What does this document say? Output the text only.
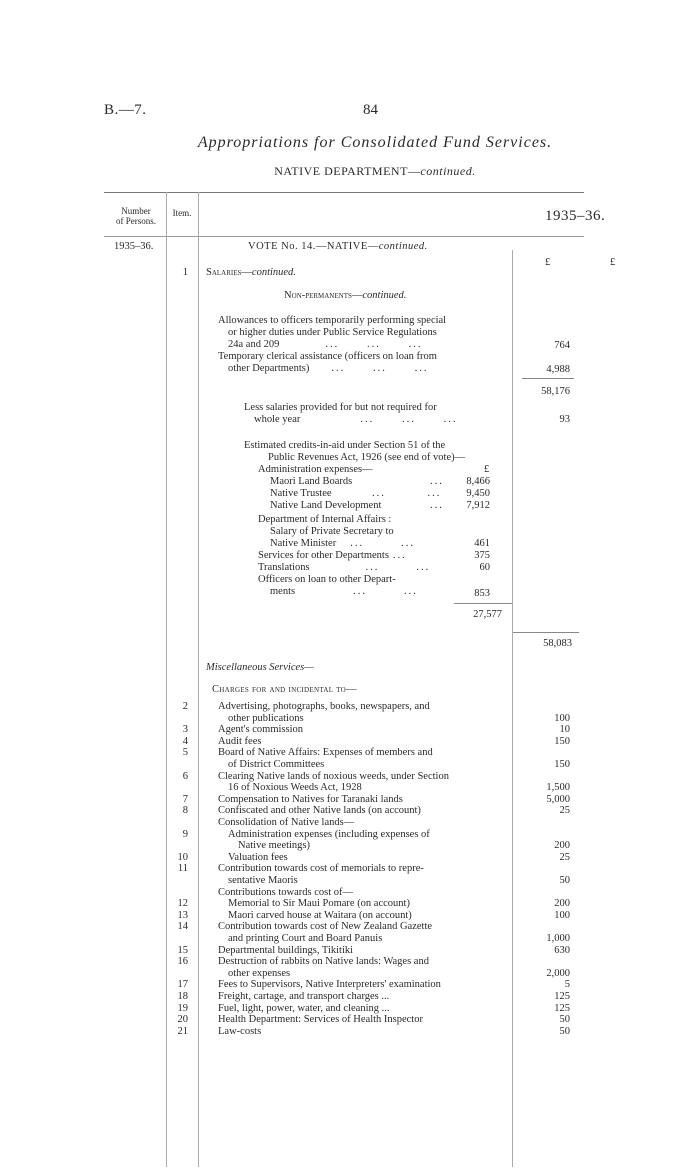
B.—7.	84
Appropriations for Consolidated Fund Services.
NATIVE DEPARTMENT—continued.
Number
of Persons.
Item.	1935–36.
1935–36.	VOTE No. 14.—NATIVE—continued.
£	£
1 Salaries—continued.
Non-permanents—continued.
Allowances to officers temporarily performing special
or higher duties under Public Service Regulations
24a and 209	...      ...      ...	764
Temporary clerical assistance (officers on loan from
other Departments) ...      ...      ...	4,988
58,176
Less salaries provided for but not required for
whole year	...      ...      ...	93
Estimated credits-in-aid under Section 51 of the
Public Revenues Act, 1926 (see end of vote)—
Administration expenses—	£
Maori Land Boards	...	8,466
Native Trustee	...         ...	9,450
Native Land Development	...	7,912
Department of Internal Affairs :
Salary of Private Secretary to
Native Minister ...        ...	461
Services for other Departments ...	375
Translations	...        ...	60
Officers on loan to other Depart-
ments	...        ...	853
27,577
58,083
Miscellaneous Services—
Charges for and incidental to—
2	Advertising, photographs, books, newspapers, and
other publications	100
3	Agent's commission	10
4	Audit fees	150
5	Board of Native Affairs: Expenses of members and
of District Committees	150
6	Clearing Native lands of noxious weeds, under Section
16 of Noxious Weeds Act, 1928	1,500
7	Compensation to Natives for Taranaki lands	5,000
8	Confiscated and other Native lands (on account)	25
Consolidation of Native lands—
9	Administration expenses (including expenses of
Native meetings)	200
10	Valuation fees	25
11	Contribution towards cost of memorials to repre-
sentative Maoris	50
Contributions towards cost of—
12	Memorial to Sir Maui Pomare (on account)	200
13	Maori carved house at Waitara (on account)	100
14	Contribution towards cost of New Zealand Gazette
and printing Court and Board Panuis	1,000
15	Departmental buildings, Tikitiki	630
16	Destruction of rabbits on Native lands: Wages and
other expenses	2,000
17	Fees to Supervisors, Native Interpreters' examination	5
18	Freight, cartage, and transport charges ...	125
19	Fuel, light, power, water, and cleaning ...	125
20	Health Department: Services of Health Inspector	50
21	Law-costs	50
